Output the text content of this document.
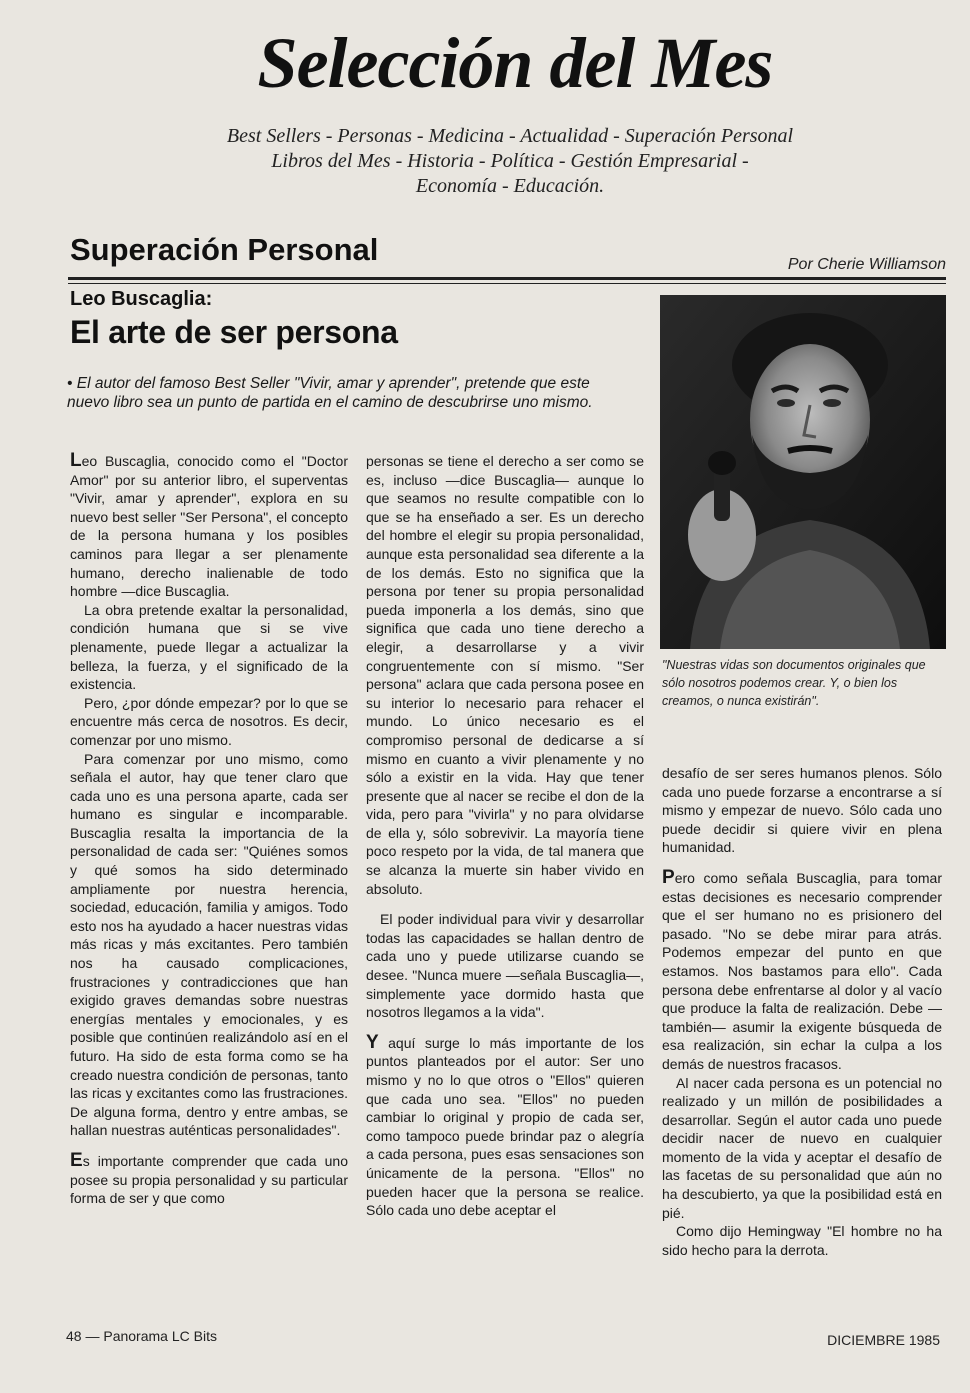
Selección del Mes
Best Sellers - Personas - Medicina - Actualidad - Superación Personal
Libros del Mes - Historia - Política - Gestión Empresarial -
Economía - Educación.
Superación Personal	Por Cherie Williamson
Leo Buscaglia:
El arte de ser persona
• El autor del famoso Best Seller "Vivir, amar y aprender", pretende que este nuevo libro sea un punto de partida en el camino de descubrirse uno mismo.
"Nuestras vidas son documentos originales que sólo nosotros podemos crear. Y, o bien los creamos, o nunca existirán".

Leo Buscaglia, conocido como el "Doctor Amor" por su anterior libro, el superventas "Vivir, amar y aprender", explora en su nuevo best seller "Ser Persona", el concepto de la persona humana y los posibles caminos para llegar a ser plenamente humano, derecho inalienable de todo hombre —dice Buscaglia.

La obra pretende exaltar la personalidad, condición humana que si se vive plenamente, puede llegar a actualizar la belleza, la fuerza, y el significado de la existencia.

Pero, ¿por dónde empezar? por lo que se encuentre más cerca de nosotros. Es decir, comenzar por uno mismo.

Para comenzar por uno mismo, como señala el autor, hay que tener claro que cada uno es una persona aparte, cada ser humano es singular e incomparable. Buscaglia resalta la importancia de la personalidad de cada ser: "Quiénes somos y qué somos ha sido determinado ampliamente por nuestra herencia, sociedad, educación, familia y amigos. Todo esto nos ha ayudado a hacer nuestras vidas más ricas y más excitantes. Pero también nos ha causado complicaciones, frustraciones y contradicciones que han exigido graves demandas sobre nuestras energías mentales y emocionales, y es posible que continúen realizándolo así en el futuro. Ha sido de esta forma como se ha creado nuestra condición de personas, tanto las ricas y excitantes como las frustraciones. De alguna forma, dentro y entre ambas, se hallan nuestras auténticas personalidades".

Es importante comprender que cada uno posee su propia personalidad y su particular forma de ser y que como

personas se tiene el derecho a ser como se es, incluso —dice Buscaglia— aunque lo que seamos no resulte compatible con lo que se ha enseñado a ser. Es un derecho del hombre el elegir su propia personalidad, aunque esta personalidad sea diferente a la de los demás. Esto no significa que la persona por tener su propia personalidad pueda imponerla a los demás, sino que significa que cada uno tiene derecho a elegir, a desarrollarse y a vivir congruentemente con sí mismo. "Ser persona" aclara que cada persona posee en su interior lo necesario para rehacer el mundo. Lo único necesario es el compromiso personal de dedicarse a sí mismo en cuanto a vivir plenamente y no sólo a existir en la vida. Hay que tener presente que al nacer se recibe el don de la vida, pero para "vivirla" y no para olvidarse de ella y, sólo sobrevivir. La mayoría tiene poco respeto por la vida, de tal manera que se alcanza la muerte sin haber vivido en absoluto.

El poder individual para vivir y desarrollar todas las capacidades se hallan dentro de cada uno y puede utilizarse cuando se desee. "Nunca muere —señala Buscaglia—, simplemente yace dormido hasta que nosotros llegamos a la vida".

Y aquí surge lo más importante de los puntos planteados por el autor: Ser uno mismo y no lo que otros o "Ellos" quieren que cada uno sea. "Ellos" no pueden cambiar lo original y propio de cada ser, como tampoco puede brindar paz o alegría a cada persona, pues esas sensaciones son únicamente de la persona. "Ellos" no pueden hacer que la persona se realice. Sólo cada uno debe aceptar el

desafío de ser seres humanos plenos. Sólo cada uno puede forzarse a encontrarse a sí mismo y empezar de nuevo. Sólo cada uno puede decidir si quiere vivir en plena humanidad.

Pero como señala Buscaglia, para tomar estas decisiones es necesario comprender que el ser humano no es prisionero del pasado. "No se debe mirar para atrás. Podemos empezar del punto en que estamos. Nos bastamos para ello". Cada persona debe enfrentarse al dolor y al vacío que produce la falta de realización. Debe —también— asumir la exigente búsqueda de esa realización, sin echar la culpa a los demás de nuestros fracasos.

Al nacer cada persona es un potencial no realizado y un millón de posibilidades a desarrollar. Según el autor cada uno puede decidir nacer de nuevo en cualquier momento de la vida y aceptar el desafío de las facetas de su personalidad que aún no ha descubierto, ya que la posibilidad está en pié.

Como dijo Hemingway "El hombre no ha sido hecho para la derrota.

48 — Panorama LC Bits	DICIEMBRE 1985
